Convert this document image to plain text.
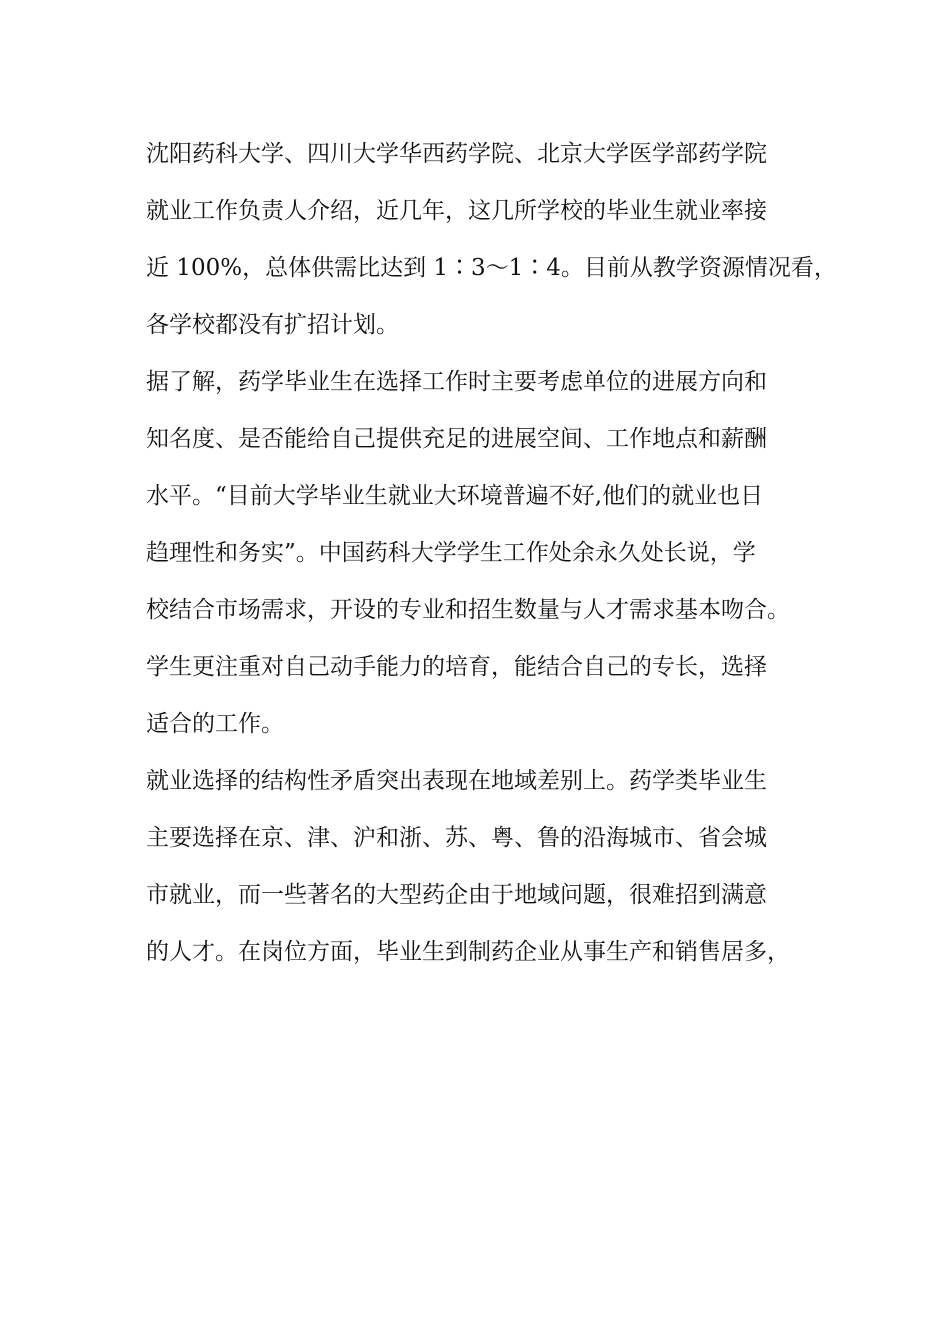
沈阳药科大学、四川大学华西药学院、北京大学医学部药学院
就业工作负责人介绍，近几年，这几所学校的毕业生就业率接
近 100%，总体供需比达到 1∶3～1∶4。目前从教学资源情况看，
各学校都没有扩招计划。
据了解，药学毕业生在选择工作时主要考虑单位的进展方向和
知名度、是否能给自己提供充足的进展空间、工作地点和薪酬
水平。“目前大学毕业生就业大环境普遍不好,他们的就业也日
趋理性和务实”。中国药科大学学生工作处余永久处长说，学
校结合市场需求，开设的专业和招生数量与人才需求基本吻合。
学生更注重对自己动手能力的培育，能结合自己的专长，选择
适合的工作。
就业选择的结构性矛盾突出表现在地域差别上。药学类毕业生
主要选择在京、津、沪和浙、苏、粤、鲁的沿海城市、省会城
市就业，而一些著名的大型药企由于地域问题，很难招到满意
的人才。在岗位方面，毕业生到制药企业从事生产和销售居多，
